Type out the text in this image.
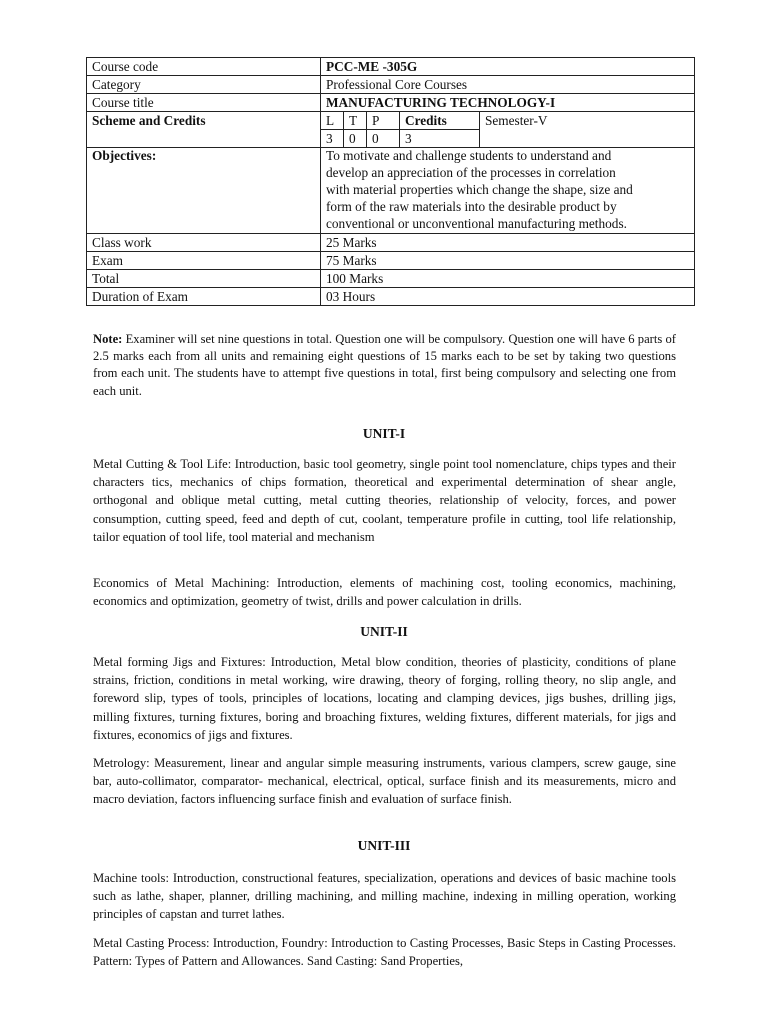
Course code	PCC-ME -305G				
Category	Professional Core Courses				
Course title	MANUFACTURING TECHNOLOGY-I				
Scheme and Credits	L	T	P	Credits	Semester-V
	3	0	0	3	
Objectives:	To motivate and challenge students to understand and
develop an appreciation of the processes in correlation
with material properties which change the shape, size and
form of the raw materials into the desirable product by
conventional or unconventional manufacturing methods.				

Class work	25 Marks				
Exam	75 Marks				
Total	100 Marks				
Duration of Exam	03 Hours				

Note: Examiner will set nine questions in total. Question one will be compulsory. Question one will have 6 parts of 2.5 marks each from all units and remaining eight questions of 15 marks each to be set by taking two questions from each unit. The students have to attempt five questions in total, first being compulsory and selecting one from each unit.

UNIT-I

Metal Cutting & Tool Life: Introduction, basic tool geometry, single point tool nomenclature, chips types and their characters tics, mechanics of chips formation, theoretical and experimental determination of shear angle, orthogonal and oblique metal cutting, metal cutting theories, relationship of velocity, forces, and power consumption, cutting speed, feed and depth of cut, coolant, temperature profile in cutting, tool life relationship, tailor equation of tool life, tool material and mechanism

Economics of Metal Machining: Introduction, elements of machining cost, tooling economics, machining, economics and optimization, geometry of twist, drills and power calculation in drills.

UNIT-II

Metal forming Jigs and Fixtures: Introduction, Metal blow condition, theories of plasticity, conditions of plane strains, friction, conditions in metal working, wire drawing, theory of forging, rolling theory, no slip angle, and foreword slip, types of tools, principles of locations, locating and clamping devices, jigs bushes, drilling jigs, milling fixtures, turning fixtures, boring and broaching fixtures, welding fixtures, different materials, for jigs and fixtures, economics of jigs and fixtures.

Metrology: Measurement, linear and angular simple measuring instruments, various clampers, screw gauge, sine bar, auto-collimator, comparator- mechanical, electrical, optical, surface finish and its measurements, micro and macro deviation, factors influencing surface finish and evaluation of surface finish.

UNIT-III

Machine tools: Introduction, constructional features, specialization, operations and devices of basic machine tools such as lathe, shaper, planner, drilling machining, and milling machine, indexing in milling operation, working principles of capstan and turret lathes.

Metal Casting Process: Introduction, Foundry: Introduction to Casting Processes, Basic Steps in Casting Processes. Pattern: Types of Pattern and Allowances. Sand Casting: Sand Properties,
